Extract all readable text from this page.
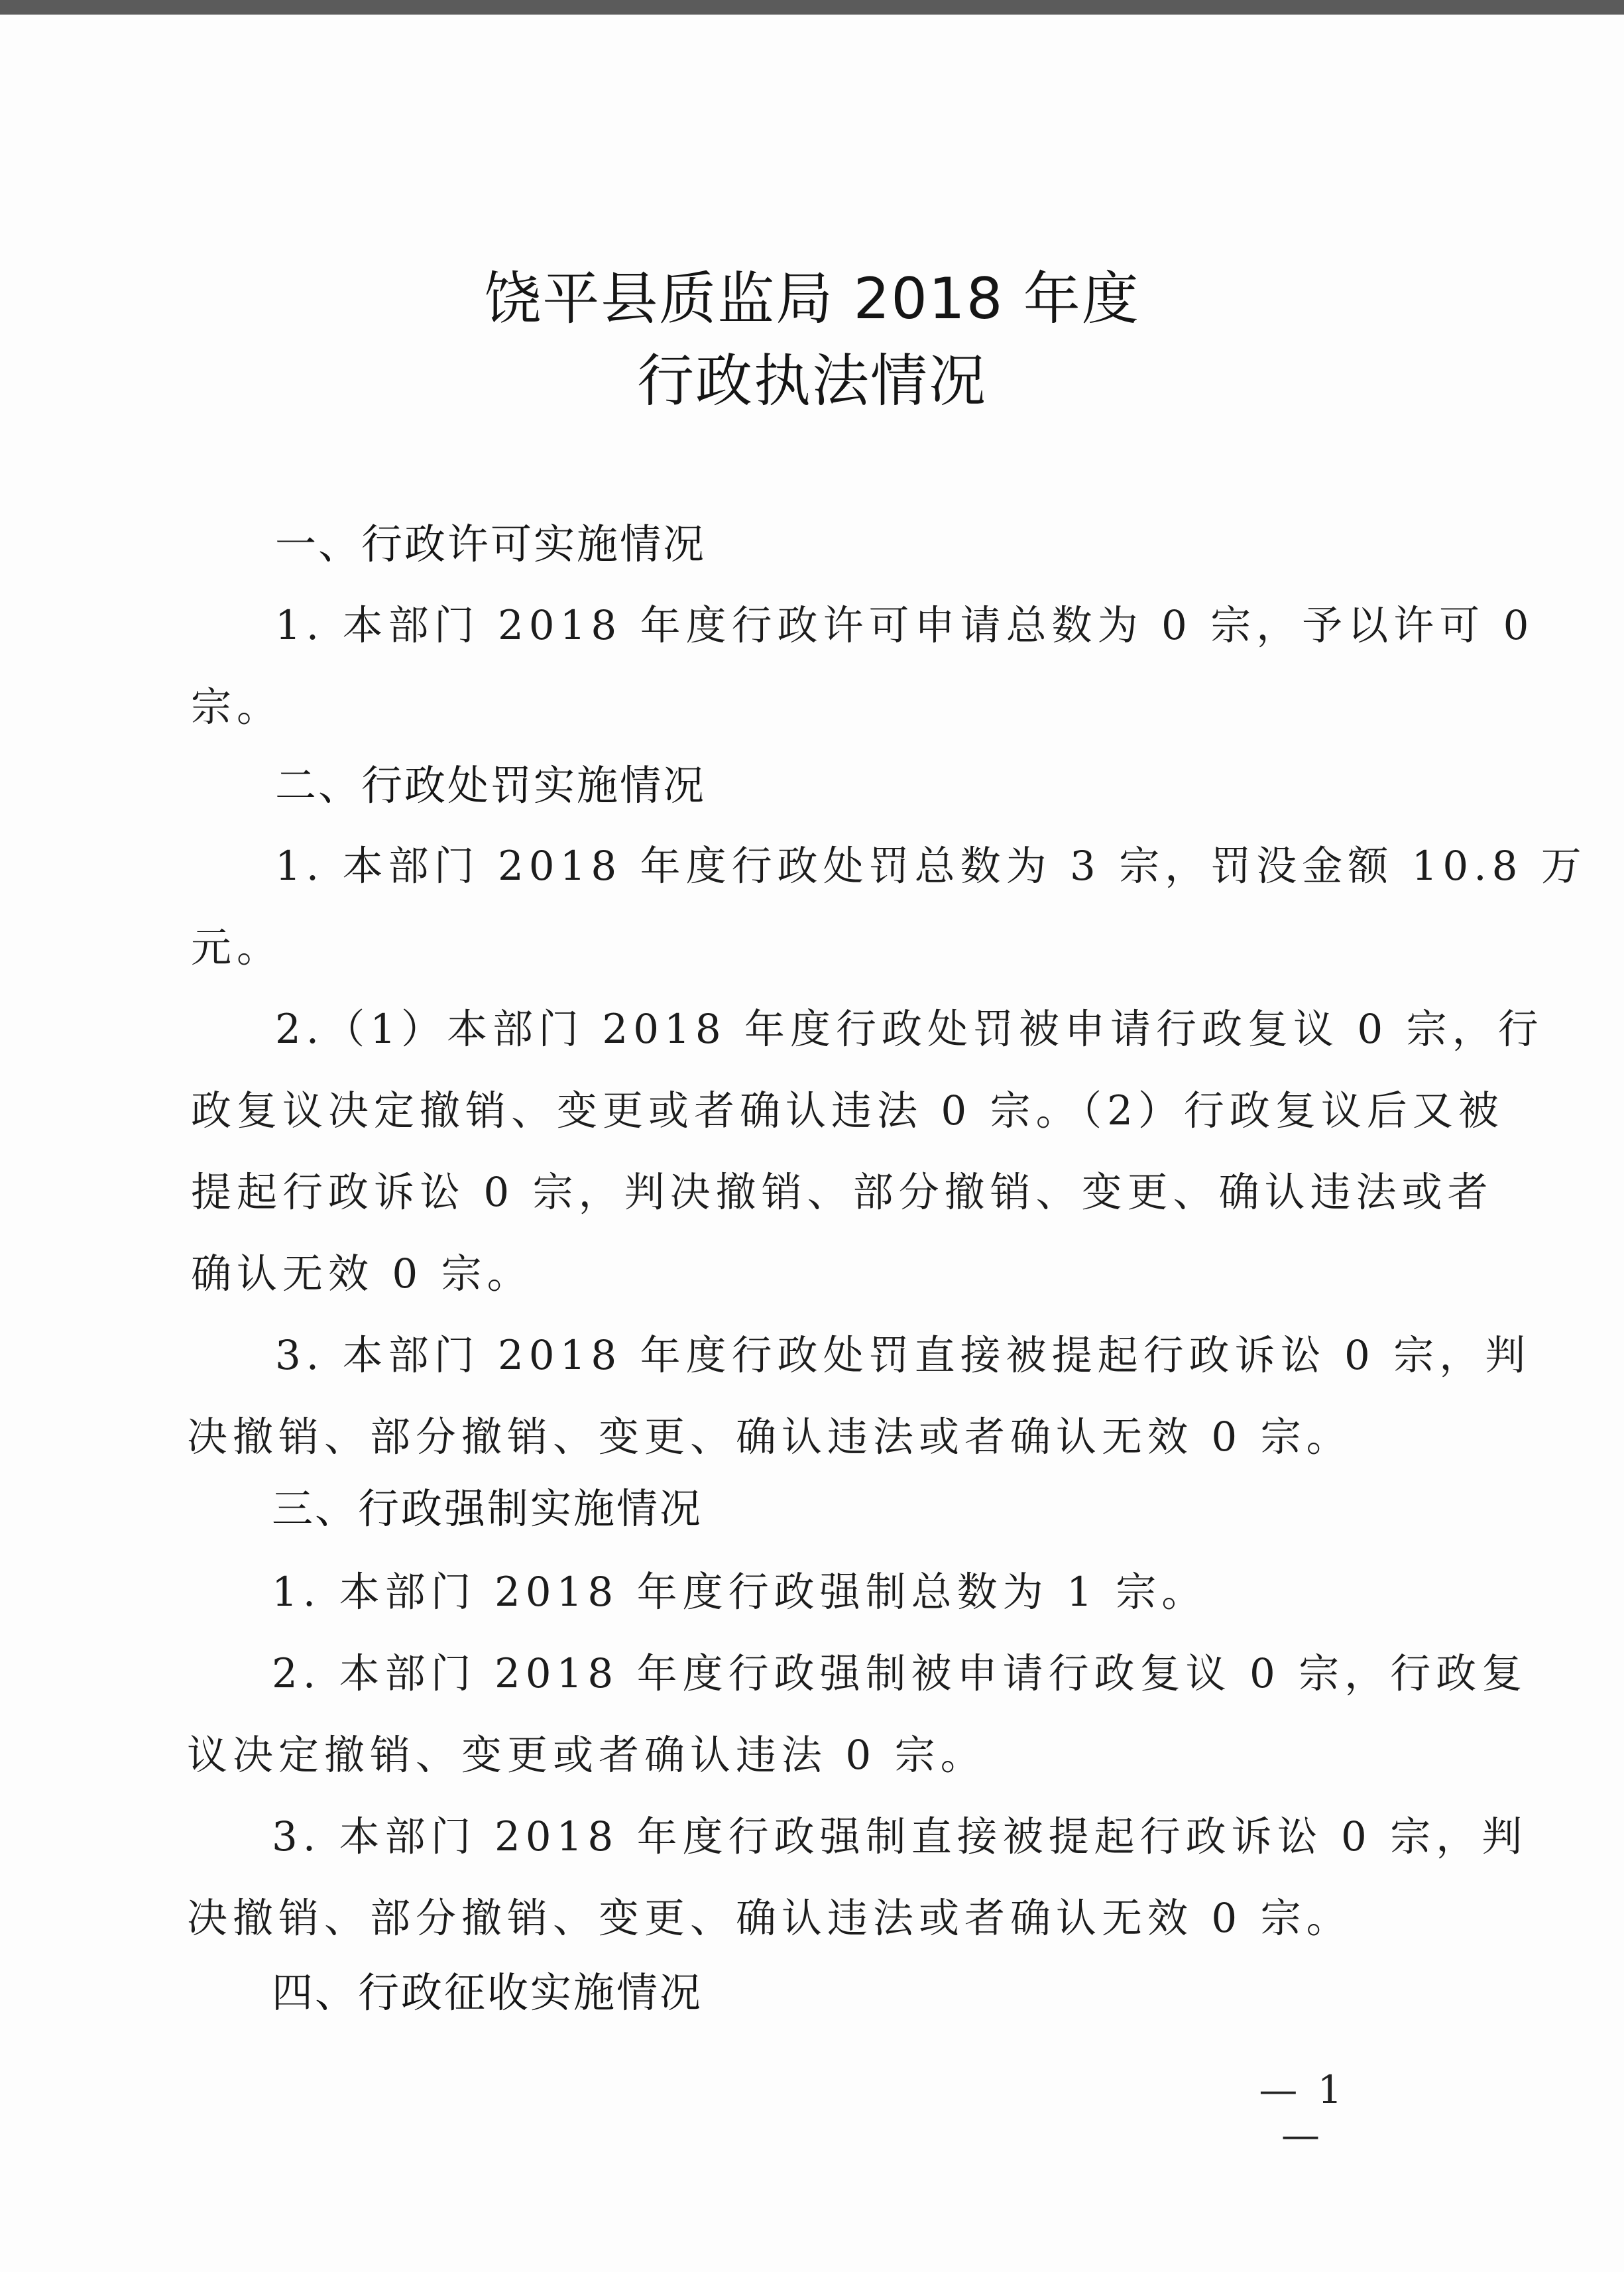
饶平县质监局 2018 年度
行政执法情况
一、行政许可实施情况
1. 本部门 2018 年度行政许可申请总数为 0 宗，予以许可 0
宗。
二、行政处罚实施情况
1. 本部门 2018 年度行政处罚总数为 3 宗，罚没金额 10.8 万
元。
2.（1）本部门 2018 年度行政处罚被申请行政复议 0 宗，行
政复议决定撤销、变更或者确认违法 0 宗。（2）行政复议后又被
提起行政诉讼 0 宗，判决撤销、部分撤销、变更、确认违法或者
确认无效 0 宗。
3. 本部门 2018 年度行政处罚直接被提起行政诉讼 0 宗，判
决撤销、部分撤销、变更、确认违法或者确认无效 0 宗。
三、行政强制实施情况
1. 本部门 2018 年度行政强制总数为 1 宗。
2. 本部门 2018 年度行政强制被申请行政复议 0 宗，行政复
议决定撤销、变更或者确认违法 0 宗。
3. 本部门 2018 年度行政强制直接被提起行政诉讼 0 宗，判
决撤销、部分撤销、变更、确认违法或者确认无效 0 宗。
四、行政征收实施情况
— 1 —
